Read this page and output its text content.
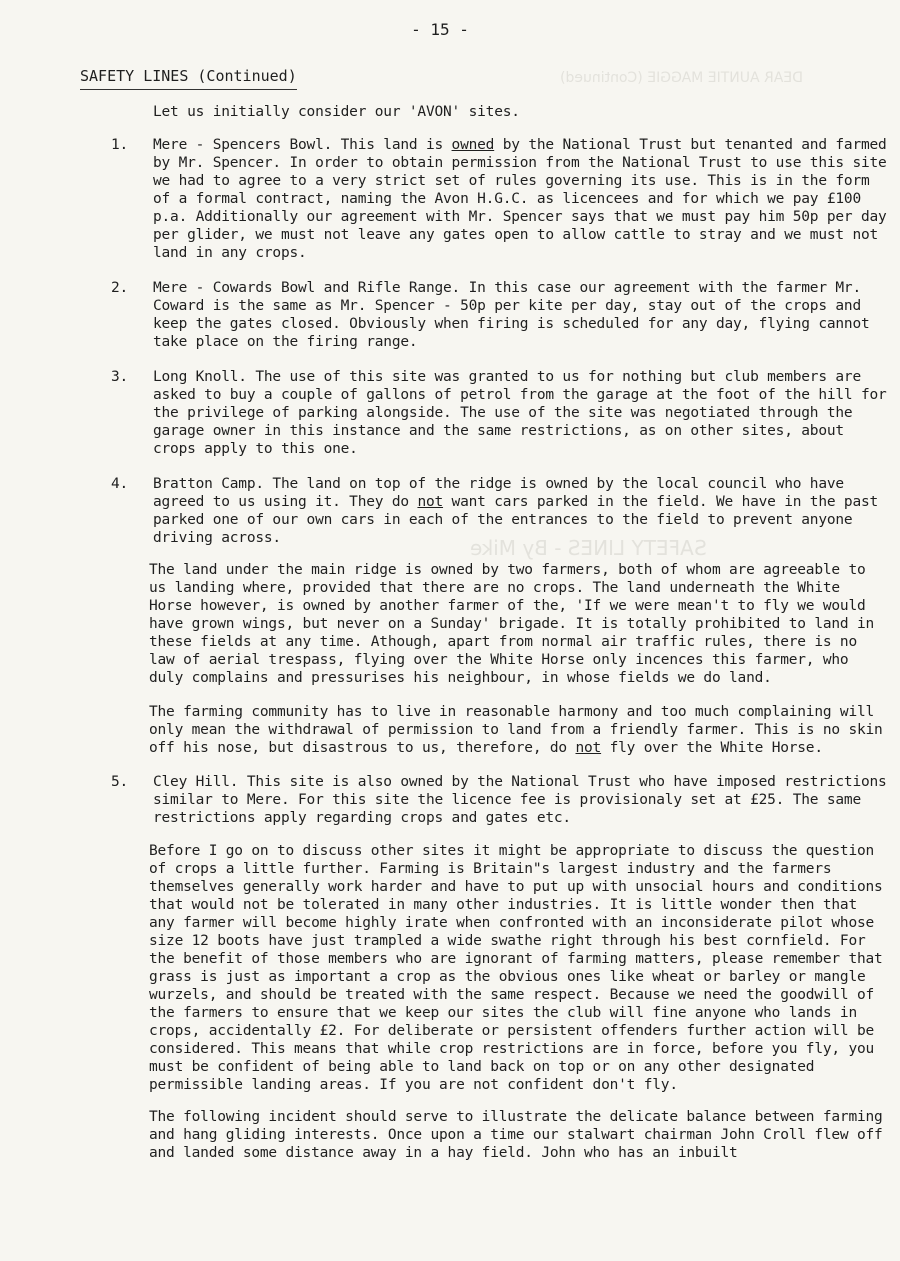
DEAR AUNTIE MAGGIE (Continued)
SAFETY LINES - By Mike
- 15 -
SAFETY LINES (Continued)

Let us initially consider our 'AVON' sites.

1. Mere - Spencers Bowl. This land is owned by the National Trust but tenanted and farmed by Mr. Spencer. In order to obtain permission from the National Trust to use this site we had to agree to a very strict set of rules governing its use. This is in the form of a formal contract, naming the Avon H.G.C. as licencees and for which we pay £100 p.a. Additionally our agreement with Mr. Spencer says that we must pay him 50p per day per glider, we must not leave any gates open to allow cattle to stray and we must not land in any crops.

2. Mere - Cowards Bowl and Rifle Range. In this case our agreement with the farmer Mr. Coward is the same as Mr. Spencer - 50p per kite per day, stay out of the crops and keep the gates closed. Obviously when firing is scheduled for any day, flying cannot take place on the firing range.

3. Long Knoll. The use of this site was granted to us for nothing but club members are asked to buy a couple of gallons of petrol from the garage at the foot of the hill for the privilege of parking alongside. The use of the site was negotiated through the garage owner in this instance and the same restrictions, as on other sites, about crops apply to this one.

4. Bratton Camp. The land on top of the ridge is owned by the local council who have agreed to us using it. They do not want cars parked in the field. We have in the past parked one of our own cars in each of the entrances to the field to prevent anyone driving across.

The land under the main ridge is owned by two farmers, both of whom are agreeable to us landing where, provided that there are no crops. The land underneath the White Horse however, is owned by another farmer of the, 'If we were mean't to fly we would have grown wings, but never on a Sunday' brigade. It is totally prohibited to land in these fields at any time. Athough, apart from normal air traffic rules, there is no law of aerial trespass, flying over the White Horse only incences this farmer, who duly complains and pressurises his neighbour, in whose fields we do land.

The farming community has to live in reasonable harmony and too much complaining will only mean the withdrawal of permission to land from a friendly farmer. This is no skin off his nose, but disastrous to us, therefore, do not fly over the White Horse.

5. Cley Hill. This site is also owned by the National Trust who have imposed restrictions similar to Mere. For this site the licence fee is provisionaly set at £25. The same restrictions apply regarding crops and gates etc.

Before I go on to discuss other sites it might be appropriate to discuss the question of crops a little further. Farming is Britain"s largest industry and the farmers themselves generally work harder and have to put up with unsocial hours and conditions that would not be tolerated in many other industries. It is little wonder then that any farmer will become highly irate when confronted with an inconsiderate pilot whose size 12 boots have just trampled a wide swathe right through his best cornfield. For the benefit of those members who are ignorant of farming matters, please remember that grass is just as important a crop as the obvious ones like wheat or barley or mangle wurzels, and should be treated with the same respect. Because we need the goodwill of the farmers to ensure that we keep our sites the club will fine anyone who lands in crops, accidentally £2. For deliberate or persistent offenders further action will be considered. This means that while crop restrictions are in force, before you fly, you must be confident of being able to land back on top or on any other designated permissible landing areas. If you are not confident don't fly.

The following incident should serve to illustrate the delicate balance between farming and hang gliding interests. Once upon a time our stalwart chairman John Croll flew off and landed some distance away in a hay field. John who has an inbuilt
